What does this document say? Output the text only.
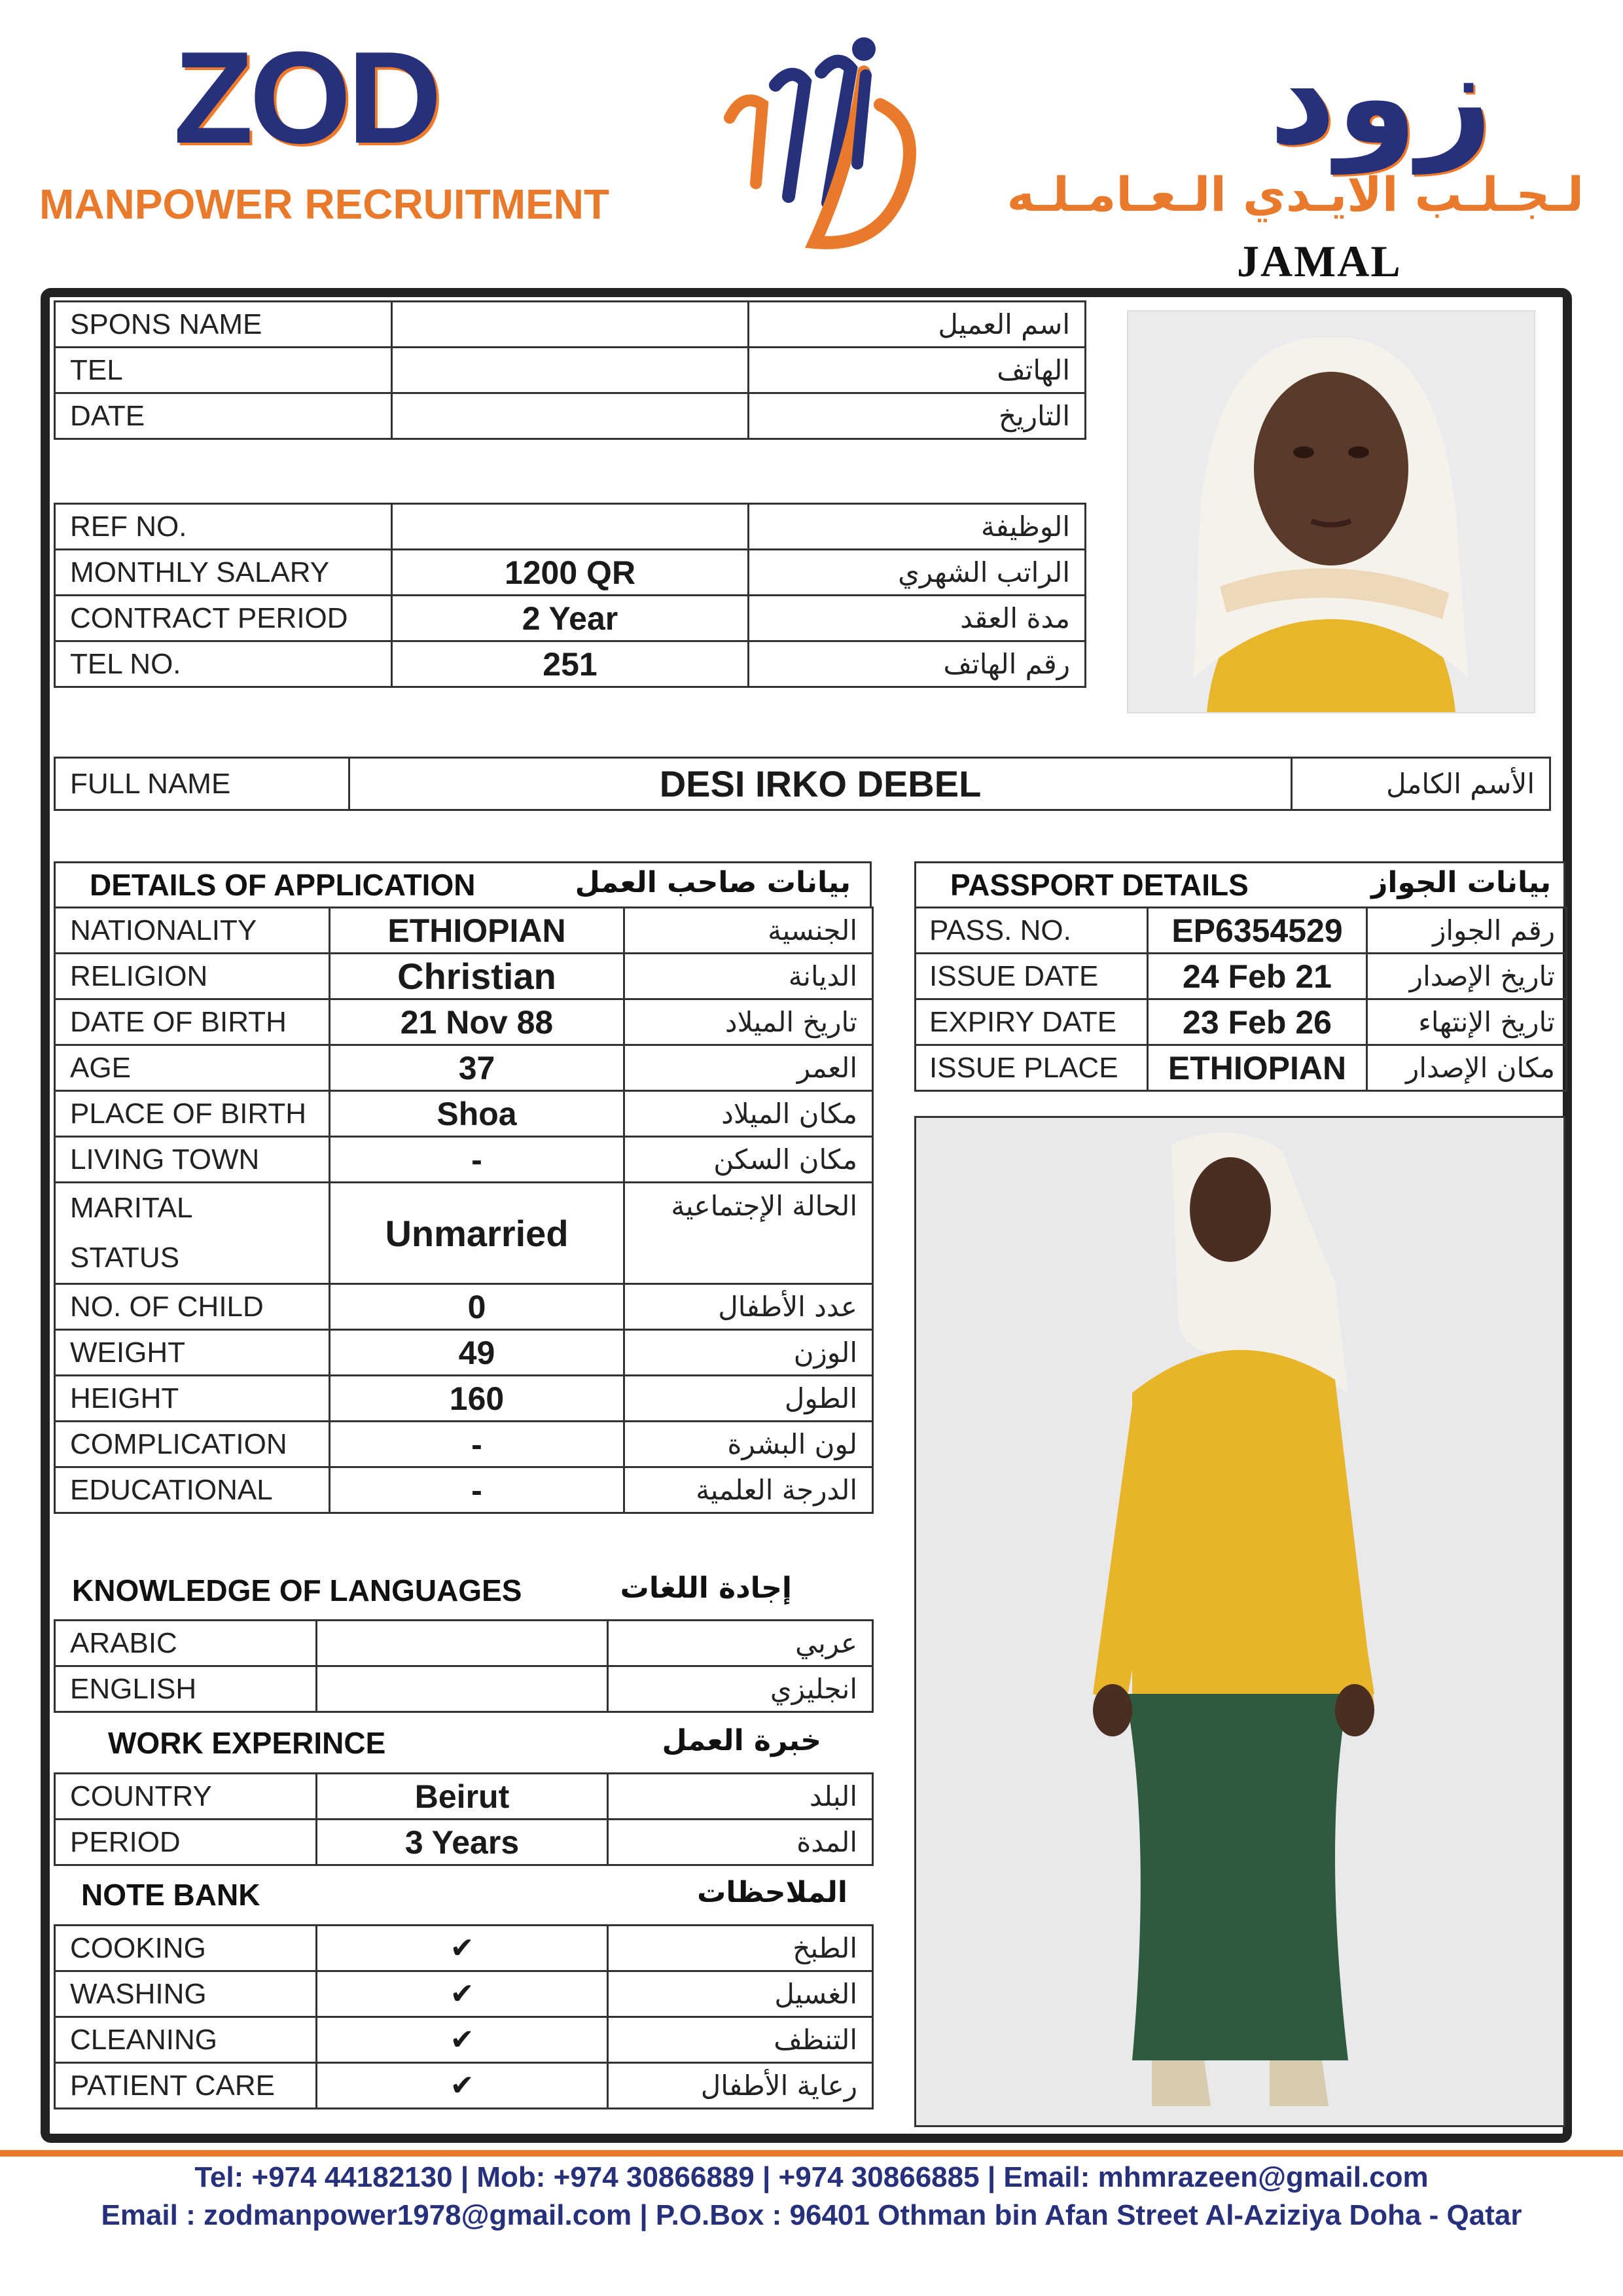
ZOD
MANPOWER RECRUITMENT
زود
لـجـلـب الايـدي الـعـامـلـه
JAMAL
SPONS NAME		اسم العميل
TEL		الهاتف
DATE		التاريخ
REF NO.		الوظيفة
MONTHLY SALARY	1200 QR	الراتب الشهري
CONTRACT PERIOD	2 Year	مدة العقد
TEL NO.	251	رقم الهاتف
FULL NAME	DESI IRKO DEBEL	الأسم الكامل
DETAILS OF APPLICATION	بيانات صاحب العمل
NATIONALITY	ETHIOPIAN	الجنسية
RELIGION	Christian	الديانة
DATE OF BIRTH	21 Nov 88	تاريخ الميلاد
AGE	37	العمر
PLACE OF BIRTH	Shoa	مكان الميلاد
LIVING TOWN	-	مكان السكن
MARITAL
STATUS	Unmarried	الحالة الإجتماعية
NO. OF CHILD	0	عدد الأطفال
WEIGHT	49	الوزن
HEIGHT	160	الطول
COMPLICATION	-	لون البشرة
EDUCATIONAL	-	الدرجة العلمية
KNOWLEDGE OF LANGUAGES	إجادة اللغات
ARABIC		عربي
ENGLISH		انجليزي
WORK EXPERINCE	خبرة العمل
COUNTRY	Beirut	البلد
PERIOD	3 Years	المدة
NOTE BANK	الملاحظات
COOKING	✔	الطبخ
WASHING	✔	الغسيل
CLEANING	✔	التنظف
PATIENT CARE	✔	رعاية الأطفال
PASSPORT DETAILS	بيانات الجواز
PASS. NO.	EP6354529	رقم الجواز
ISSUE DATE	24 Feb 21	تاريخ الإصدار
EXPIRY DATE	23 Feb 26	تاريخ الإنتهاء
ISSUE PLACE	ETHIOPIAN	مكان الإصدار
Tel: +974 44182130 | Mob: +974 30866889 | +974 30866885 | Email: mhmrazeen@gmail.com
Email : zodmanpower1978@gmail.com | P.O.Box : 96401 Othman bin Afan Street Al-Aziziya Doha - Qatar
